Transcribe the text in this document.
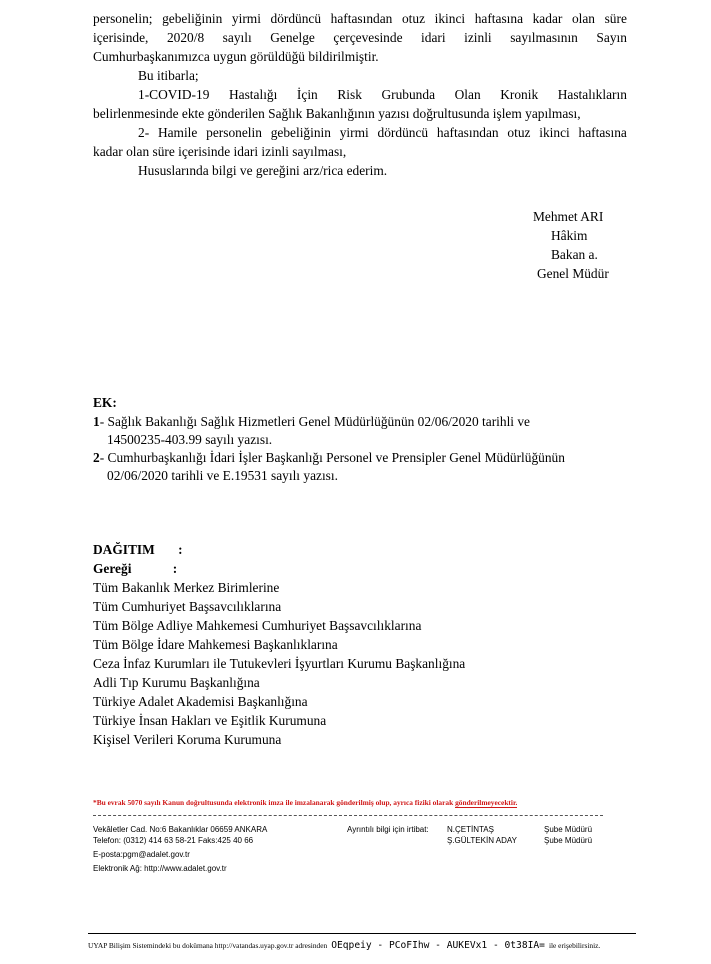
personelin; gebeliğinin yirmi dördüncü haftasından otuz ikinci haftasına kadar olan süre
içerisinde, 2020/8 sayılı Genelge çerçevesinde idari izinli sayılmasının Sayın
Cumhurbaşkanımızca uygun görüldüğü bildirilmiştir.
Bu itibarla;
1-COVID-19 Hastalığı İçin Risk Grubunda Olan Kronik Hastalıkların
belirlenmesinde ekte gönderilen Sağlık Bakanlığının yazısı doğrultusunda işlem yapılması,
2- Hamile personelin gebeliğinin yirmi dördüncü haftasından otuz ikinci haftasına
kadar olan süre içerisinde idari izinli sayılması,
Hususlarında bilgi ve gereğini arz/rica ederim.
Mehmet ARI
Hâkim
Bakan a.
Genel Müdür
EK:
1- Sağlık Bakanlığı Sağlık Hizmetleri Genel Müdürlüğünün 02/06/2020 tarihli ve
14500235-403.99 sayılı yazısı.
2- Cumhurbaşkanlığı İdari İşler Başkanlığı Personel ve Prensipler Genel Müdürlüğünün
02/06/2020 tarihli ve E.19531 sayılı yazısı.
DAĞITIM :
Gereği	:
Tüm Bakanlık Merkez Birimlerine
Tüm Cumhuriyet Başsavcılıklarına
Tüm Bölge Adliye Mahkemesi Cumhuriyet Başsavcılıklarına
Tüm Bölge İdare Mahkemesi Başkanlıklarına
Ceza İnfaz Kurumları ile Tutukevleri İşyurtları Kurumu Başkanlığına
Adli Tıp Kurumu Başkanlığına
Türkiye Adalet Akademisi Başkanlığına
Türkiye İnsan Hakları ve Eşitlik Kurumuna
Kişisel Verileri Koruma Kurumuna
*Bu evrak 5070 sayılı Kanun doğrultusunda elektronik imza ile imzalanarak gönderilmiş olup, ayrıca fiziki olarak gönderilmeyecektir.
Vekâletler Cad. No:6 Bakanlıklar 06659 ANKARA
Telefon: (0312) 414 63 58-21 Faks:425 40 66
E-posta:pgm@adalet.gov.tr
Elektronik Ağ: http://www.adalet.gov.tr
Ayrıntılı bilgi için irtibat:	N.ÇETİNTAŞ	Şube Müdürü
Ş.GÜLTEKİN ADAY	Şube Müdürü
UYAP Bilişim Sistemindeki bu dokümana http://vatandas.uyap.gov.tr adresinden OEqpeiy - PCoFIhw - AUKEVx1 - 0t38IA= ile erişebilirsiniz.
